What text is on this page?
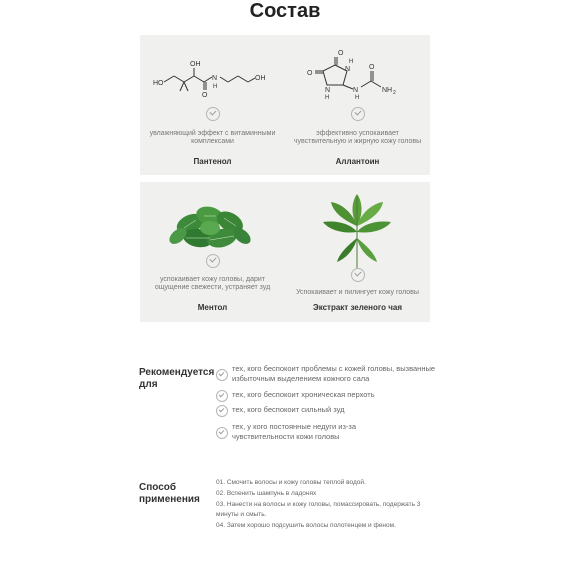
Состав
HO
OH
N
H
OH
O
увлажняющий эффект с витаминными комплексами
Пантенол
O
O
O
N
N	N
H
H	H
NH 2
эффективно успокаивает чувствительную и жирную кожу головы
Аллантоин
успокаивает кожу головы, дарит ощущение свежести, устраняет зуд
Ментол
Успокаивает и пилингует кожу головы
Экстракт зеленого чая
Рекомендуется
для
тех, кого беспокоит проблемы с кожей головы, вызванные избыточным выделением кожного сала
тех, кого беспокоит хроническая перхоть
тех, кого беспокоит сильный зуд
тех, у кого постоянные недуги из-за чувствительности кожи головы
Способ
применения
01. Смочить волосы и кожу головы теплой водой.
02. Вспенить шампунь в ладонях
03. Нанести на волосы и кожу головы, помассировать, подержать 3 минуты и смыть.
04. Затем хорошо подсушить волосы полотенцем и феном.
